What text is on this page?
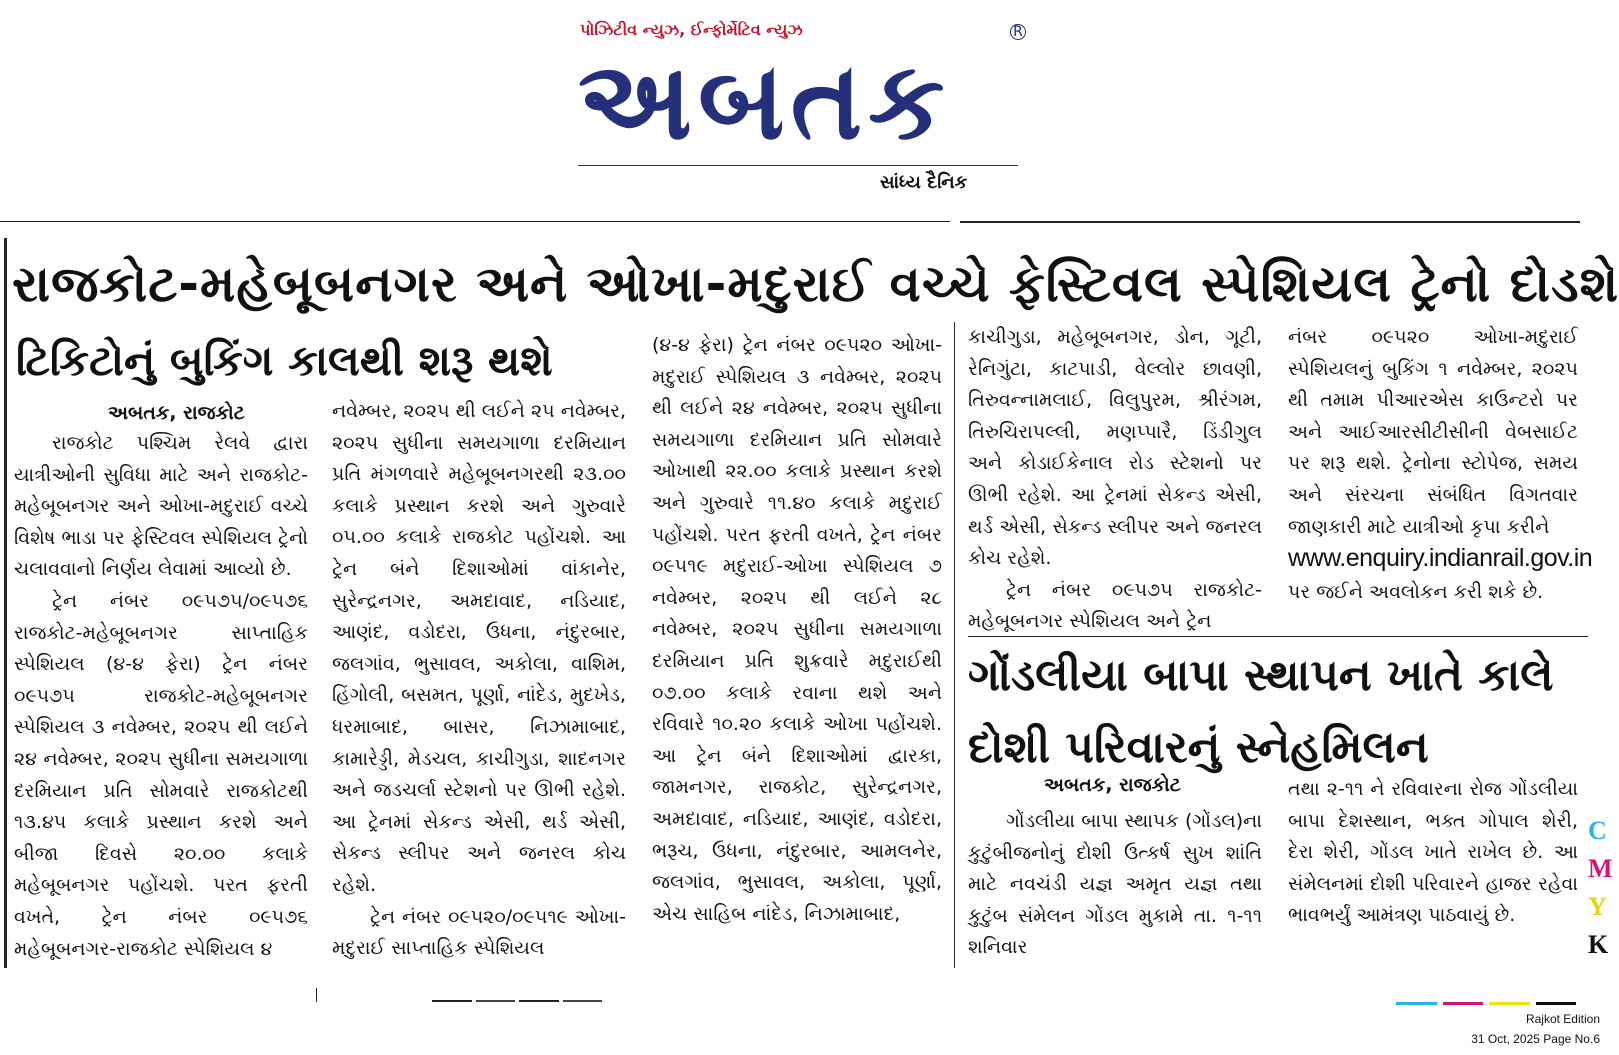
પોઝિટીવ ન્યુઝ, ઈન્ફોર્મેટિવ ન્યુઝ	R
અબતક
સાંધ્ય દૈનિક
રાજકોટ-મહેબૂબનગર અને ઓખા-મદુરાઈ વચ્ચે ફેસ્ટિવલ સ્પેશિયલ ટ્રેનો દોડશે
ટિકિટોનું બુકિંગ કાલથી શરૂ થશે
અબતક, રાજકોટ

રાજકોટ પશ્ચિમ રેલવે દ્વારા યાત્રીઓની સુવિધા માટે અને રાજકોટ-મહેબૂબનગર અને ઓખા-મદુરાઈ વચ્ચે વિશેષ ભાડા પર ફેસ્ટિવલ સ્પેશિયલ ટ્રેનો ચલાવવાનો નિર્ણય લેવામાં આવ્યો છે.

ટ્રેન નંબર ૦૯૫૭૫/૦૯૫૭૬ રાજકોટ-મહેબૂબનગર સાપ્તાહિક સ્પેશિયલ (૪-૪ ફેરા) ટ્રેન નંબર ૦૯૫૭૫ રાજકોટ-મહેબૂબનગર સ્પેશિયલ ૩ નવેમ્બર, ૨૦૨૫ થી લઈને ૨૪ નવેમ્બર, ૨૦૨૫ સુધીના સમયગાળા દરમિયાન પ્રતિ સોમવારે રાજકોટથી ૧૩.૪૫ કલાકે પ્રસ્થાન કરશે અને બીજા દિવસે ૨૦.૦૦ કલાકે મહેબૂબનગર પહોંચશે. પરત ફરતી વખતે, ટ્રેન નંબર ૦૯૫૭૬ મહેબૂબનગર-રાજકોટ સ્પેશિયલ ૪

નવેમ્બર, ૨૦૨૫ થી લઈને ૨૫ નવેમ્બર, ૨૦૨૫ સુધીના સમયગાળા દરમિયાન પ્રતિ મંગળવારે મહેબૂબનગરથી ૨૩.૦૦ કલાકે પ્રસ્થાન કરશે અને ગુરુવારે ૦૫.૦૦ કલાકે રાજકોટ પહોંચશે. આ ટ્રેન બંને દિશાઓમાં વાંકાનેર, સુરેન્દ્રનગર, અમદાવાદ, નડિયાદ, આણંદ, વડોદરા, ઉધના, નંદુરબાર, જલગાંવ, ભુસાવલ, અકોલા, વાશિમ, હિંગોલી, બસમત, પૂર્ણા, નાંદેડ, મુદખેડ, ધરમાબાદ, બાસર, નિઝામાબાદ, કામારેડ્ડી, મેડચલ, કાચીગુડા, શાદનગર અને જડચર્લા સ્ટેશનો પર ઊભી રહેશે. આ ટ્રેનમાં સેકન્ડ એસી, થર્ડ એસી, સેકન્ડ સ્લીપર અને જનરલ કોચ રહેશે.

ટ્રેન નંબર ૦૯૫૨૦/૦૯૫૧૯ ઓખા-મદુરાઈ સાપ્તાહિક સ્પેશિયલ

(૪-૪ ફેરા) ટ્રેન નંબર ૦૯૫૨૦ ઓખા-મદુરાઈ સ્પેશિયલ ૩ નવેમ્બર, ૨૦૨૫ થી લઈને ૨૪ નવેમ્બર, ૨૦૨૫ સુધીના સમયગાળા દરમિયાન પ્રતિ સોમવારે ઓખાથી ૨૨.૦૦ કલાકે પ્રસ્થાન કરશે અને ગુરુવારે ૧૧.૪૦ કલાકે મદુરાઈ પહોંચશે. પરત ફરતી વખતે, ટ્રેન નંબર ૦૯૫૧૯ મદુરાઈ-ઓખા સ્પેશિયલ ૭ નવેમ્બર, ૨૦૨૫ થી લઈને ૨૮ નવેમ્બર, ૨૦૨૫ સુધીના સમયગાળા દરમિયાન પ્રતિ શુક્રવારે મદુરાઈથી ૦૭.૦૦ કલાકે રવાના થશે અને રવિવારે ૧૦.૨૦ કલાકે ઓખા પહોંચશે. આ ટ્રેન બંને દિશાઓમાં દ્વારકા, જામનગર, રાજકોટ, સુરેન્દ્રનગર, અમદાવાદ, નડિયાદ, આણંદ, વડોદરા, ભરૂચ, ઉધના, નંદુરબાર, આમલનેર, જલગાંવ, ભુસાવલ, અકોલા, પૂર્ણા, એચ સાહિબ નાંદેડ, નિઝામાબાદ,

કાચીગુડા, મહેબૂબનગર, ડોન, ગૂટી, રેનિગુંટા, કાટપાડી, વેલ્લોર છાવણી, તિરુવન્નામલાઈ, વિલુપુરમ, શ્રીરંગમ, તિરુચિરાપલ્લી, મણપ્પારૈ, ડિંડીગુલ અને કોડાઈકેનાલ રોડ સ્ટેશનો પર ઊભી રહેશે. આ ટ્રેનમાં સેકન્ડ એસી, થર્ડ એસી, સેકન્ડ સ્લીપર અને જનરલ કોચ રહેશે.

ટ્રેન નંબર ૦૯૫૭૫ રાજકોટ-મહેબૂબનગર સ્પેશિયલ અને ટ્રેન

નંબર ૦૯૫૨૦ ઓખા-મદુરાઈ સ્પેશિયલનું બુકિંગ ૧ નવેમ્બર, ૨૦૨૫ થી તમામ પીઆરએસ કાઉન્ટરો પર અને આઈઆરસીટીસીની વેબસાઈટ પર શરૂ થશે. ટ્રેનોના સ્ટોપેજ, સમય અને સંરચના સંબંધિત વિગતવાર જાણકારી માટે યાત્રીઓ કૃપા કરીને

www.enquiry.indianrail.gov.in

પર જઈને અવલોકન કરી શકે છે.

ગોંડલીયા બાપા સ્થાપન ખાતે કાલે દોશી પરિવારનું સ્નેહમિલન
અબતક, રાજકોટ
ગોંડલીયા બાપા સ્થાપક (ગોંડલ)ના કુટુંબીજનોનું દોશી ઉત્કર્ષ સુખ શાંતિ માટે નવચંડી યજ્ઞ અમૃત યજ્ઞ તથા કુટુંબ સંમેલન ગોંડલ મુકામે તા. ૧-૧૧ શનિવાર
તથા ૨-૧૧ ને રવિવારના રોજ ગોંડલીયા બાપા દેશસ્થાન, ભક્ત ગોપાલ શેરી, દેરા શેરી, ગોંડલ ખાતે રાખેલ છે. આ સંમેલનમાં દોશી પરિવારને હાજર રહેવા ભાવભર્યું આમંત્રણ પાઠવાયું છે.
C
M
Y
K
Rajkot Edition
31 Oct, 2025 Page No.6
